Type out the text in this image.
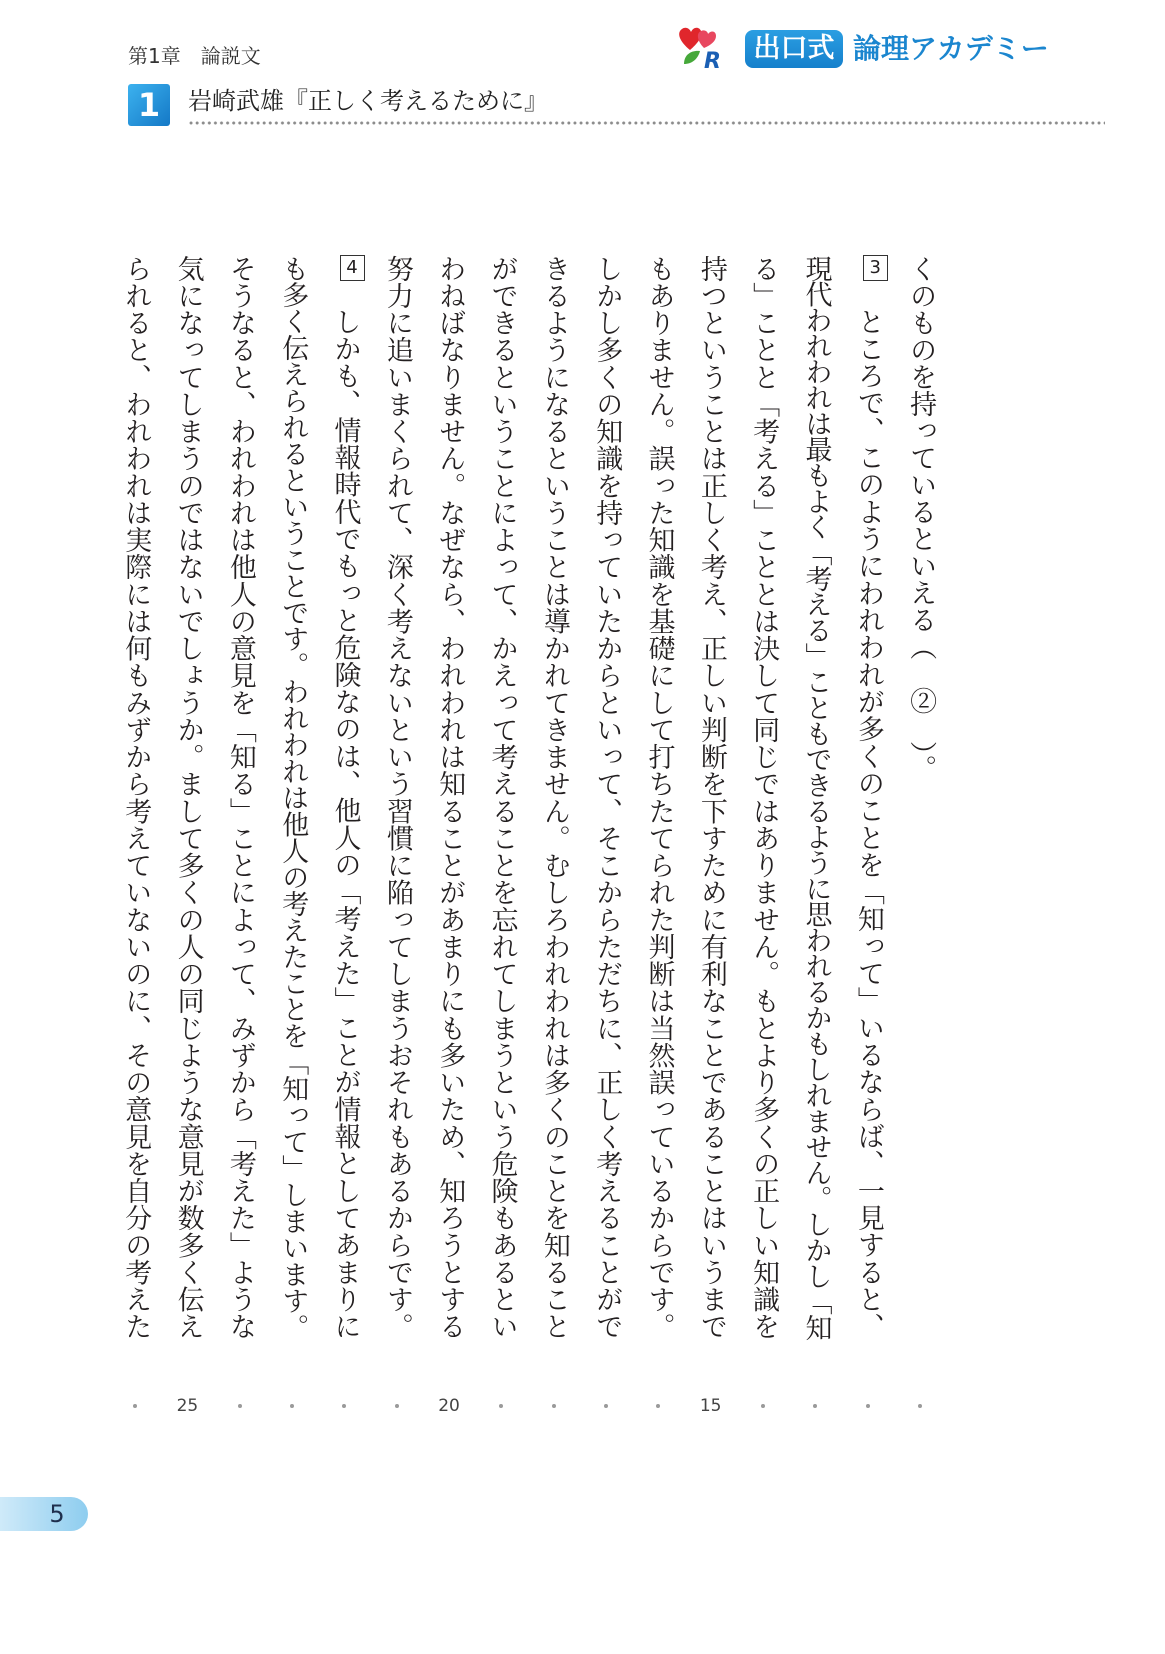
第1章　論説文	R	出口式 論理アカデミー
1	岩崎武雄『正しく考えるために』
くのものを持っているといえる（　②　）。
3ところで、このようにわれわれが多くのことを「知って」いるならば、一見すると、
現代われわれは最もよく「考える」こともできるように思われるかもしれません。しかし「知
る」ことと「考える」こととは決して同じではありません。もとより多くの正しい知識を
持つということは正しく考え、正しい判断を下すために有利なことであることはいうまで
もありません。誤った知識を基礎にして打ちたてられた判断は当然誤っているからです。
しかし多くの知識を持っていたからといって、そこからただちに、正しく考えることがで
きるようになるということは導かれてきません。むしろわれわれは多くのことを知ること
ができるということによって、かえって考えることを忘れてしまうという危険もあるとい
わねばなりません。なぜなら、われわれは知ることがあまりにも多いため、知ろうとする
努力に追いまくられて、深く考えないという習慣に陥ってしまうおそれもあるからです。
4しかも、情報時代でもっと危険なのは、他人の「考えた」ことが情報としてあまりに
も多く伝えられるということです。われわれは他人の考えたことを「知って」しまいます。
そうなると、われわれは他人の意見を「知る」ことによって、みずから「考えた」ような
気になってしまうのではないでしょうか。まして多くの人の同じような意見が数多く伝え
られると、われわれは実際には何もみずから考えていないのに、その意見を自分の考えた
15
20
25
5
